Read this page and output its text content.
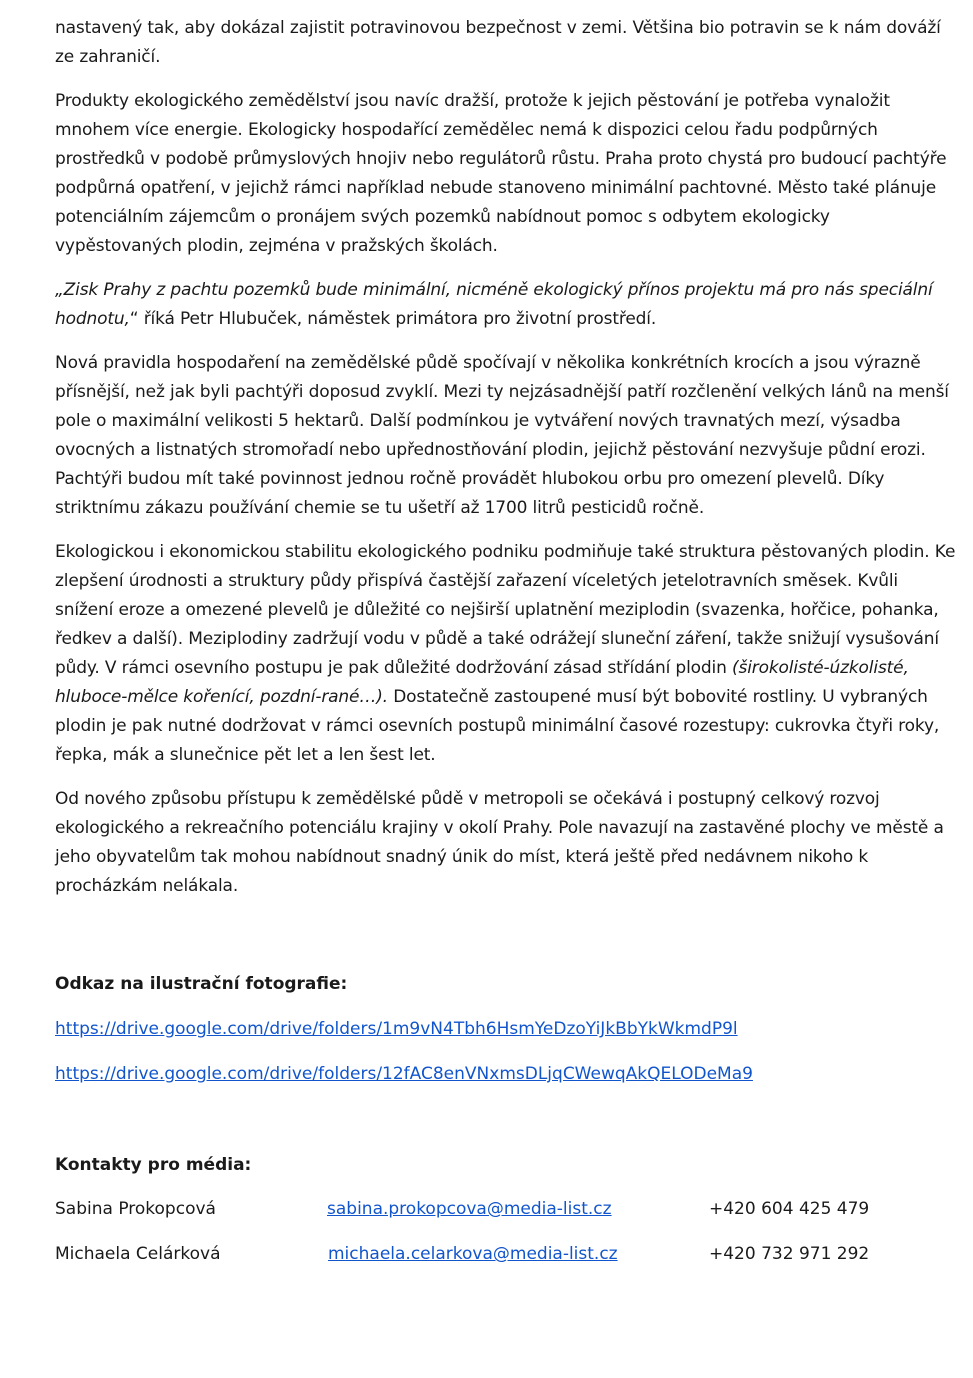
nastavený tak, aby dokázal zajistit potravinovou bezpečnost v zemi. Většina bio potravin se k nám dováží ze zahraničí.

Produkty ekologického zemědělství jsou navíc dražší, protože k jejich pěstování je potřeba vynaložit mnohem více energie. Ekologicky hospodařící zemědělec nemá k dispozici celou řadu podpůrných prostředků v podobě průmyslových hnojiv nebo regulátorů růstu. Praha proto chystá pro budoucí pachtýře podpůrná opatření, v jejichž rámci například nebude stanoveno minimální pachtovné. Město také plánuje potenciálním zájemcům o pronájem svých pozemků nabídnout pomoc s odbytem ekologicky vypěstovaných plodin, zejména v pražských školách.

„Zisk Prahy z pachtu pozemků bude minimální, nicméně ekologický přínos projektu má pro nás speciální hodnotu,“ říká Petr Hlubuček, náměstek primátora pro životní prostředí.

Nová pravidla hospodaření na zemědělské půdě spočívají v několika konkrétních krocích a jsou výrazně přísnější, než jak byli pachtýři doposud zvyklí. Mezi ty nejzásadnější patří rozčlenění velkých lánů na menší pole o maximální velikosti 5 hektarů. Další podmínkou je vytváření nových travnatých mezí, výsadba ovocných a listnatých stromořadí nebo upřednostňování plodin, jejichž pěstování nezvyšuje půdní erozi. Pachtýři budou mít také povinnost jednou ročně provádět hlubokou orbu pro omezení plevelů. Díky striktnímu zákazu používání chemie se tu ušetří až 1700 litrů pesticidů ročně.

Ekologickou i ekonomickou stabilitu ekologického podniku podmiňuje také struktura pěstovaných plodin. Ke zlepšení úrodnosti a struktury půdy přispívá častější zařazení víceletých jetelotravních směsek. Kvůli snížení eroze a omezené plevelů je důležité co nejširší uplatnění meziplodin (svazenka, hořčice, pohanka, ředkev a další). Meziplodiny zadržují vodu v půdě a také odrážejí sluneční záření, takže snižují vysušování půdy. V rámci osevního postupu je pak důležité dodržování zásad střídání plodin (širokolisté-úzkolisté, hluboce-mělce kořenící, pozdní-rané…). Dostatečně zastoupené musí být bobovité rostliny. U vybraných plodin je pak nutné dodržovat v rámci osevních postupů minimální časové rozestupy: cukrovka čtyři roky, řepka, mák a slunečnice pět let a len šest let.

Od nového způsobu přístupu k zemědělské půdě v metropoli se očekává i postupný celkový rozvoj ekologického a rekreačního potenciálu krajiny v okolí Prahy. Pole navazují na zastavěné plochy ve městě a jeho obyvatelům tak mohou nabídnout snadný únik do míst, která ještě před nedávnem nikoho k procházkám nelákala.

Odkaz na ilustrační fotografie:
https://drive.google.com/drive/folders/1m9vN4Tbh6HsmYeDzoYiJkBbYkWkmdP9l
https://drive.google.com/drive/folders/12fAC8enVNxmsDLjqCWewqAkQELODeMa9
Kontakty pro média:
Sabina Prokopcová	sabina.prokopcova@media-list.cz	+420 604 425 479
Michaela Celárková	michaela.celarkova@media-list.cz	+420 732 971 292
